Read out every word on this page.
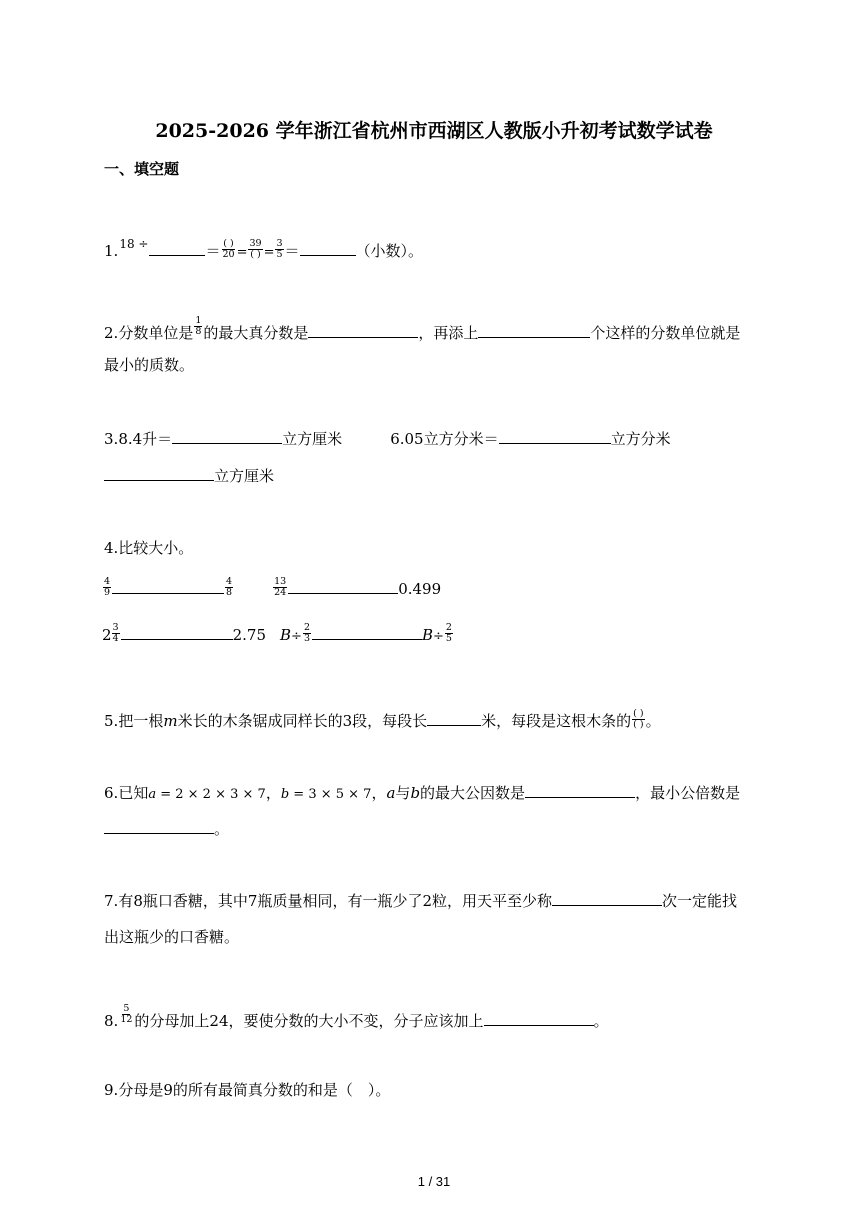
2025-2026 学年浙江省杭州市西湖区人教版小升初考试数学试卷
一、填空题
1. 18 ÷	＝ $\frac{( )}{20} = \frac{39}{( )} = \frac{3}{5}$ ＝	（小数）。
2.分数单位是 $\frac{1}{8}$ 的最大真分数是	，再添上	个这样的分数单位就是
最小的质数。
3.8.4升＝	立方厘米	6.05立方分米＝	立方分米
立方厘米
4.比较大小。
$\frac{4}{9}$	$\frac{4}{8}$	$\frac{13}{24}$	0.499
$2 \frac{3}{4}$	2.75 $B\div \frac{2}{3}$	$B\div \frac{2}{5}$
5.把一根m米长的木条锯成同样长的3段，每段长	米，每段是这根木条的 $\frac{( )}{( )}$ 。
6.已知a = 2 × 2 × 3 × 7，b = 3 × 5 × 7，a与b的最大公因数是	，最小公倍数是
。
7.有8瓶口香糖，其中7瓶质量相同，有一瓶少了2粒，用天平至少称	次一定能找
出这瓶少的口香糖。
8. $\frac{5}{12}$ 的分母加上24，要使分数的大小不变，分子应该加上	。
9.分母是9的所有最简真分数的和是（　）。
1 / 31
